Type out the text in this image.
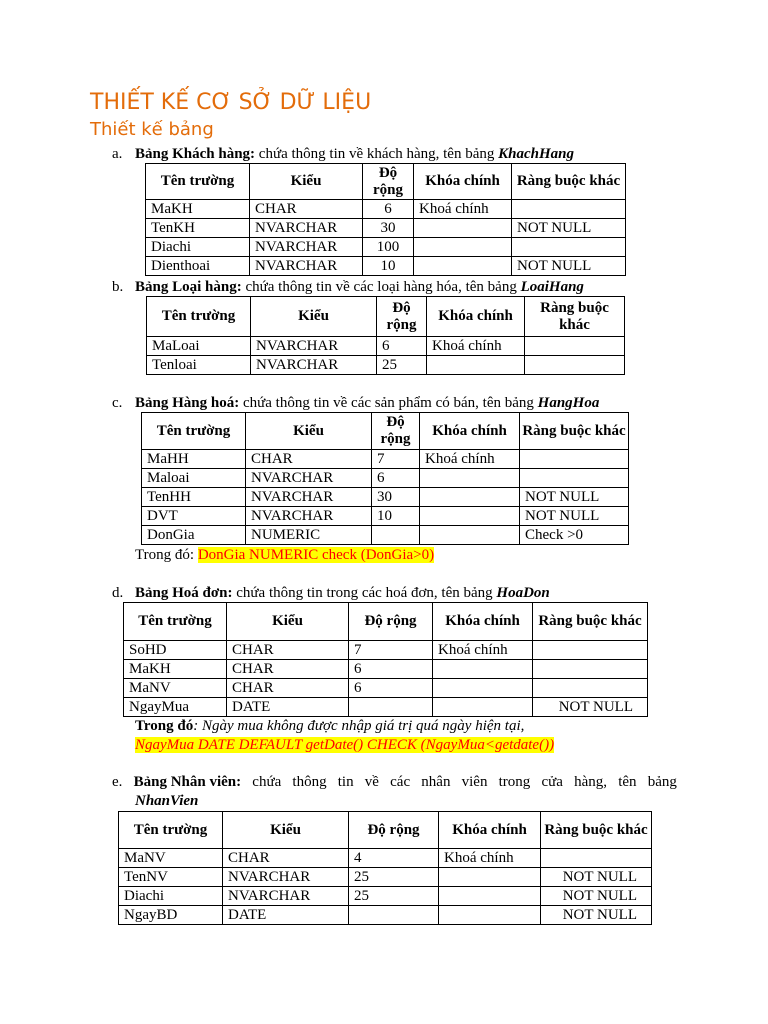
THIẾT KẾ CƠ SỞ DỮ LIỆU
Thiết kế bảng
a. Bảng Khách hàng: chứa thông tin về khách hàng, tên bảng KhachHang
Tên trường	Kiểu	Độ rộng	Khóa chính	Ràng buộc khác
MaKH	CHAR	6	Khoá chính	
TenKH	NVARCHAR	30		NOT NULL
Diachi	NVARCHAR	100		
Dienthoai	NVARCHAR	10		NOT NULL
b. Bảng Loại hàng: chứa thông tin về các loại hàng hóa, tên bảng LoaiHang
Tên trường	Kiểu	Độ rộng	Khóa chính	Ràng buộc khác
MaLoai	NVARCHAR	6	Khoá chính	
Tenloai	NVARCHAR	25		
c. Bảng Hàng hoá: chứa thông tin về các sản phẩm có bán, tên bảng HangHoa
Tên trường	Kiểu	Độ rộng	Khóa chính	Ràng buộc khác
MaHH	CHAR	7	Khoá chính	
Maloai	NVARCHAR	6		
TenHH	NVARCHAR	30		NOT NULL
DVT	NVARCHAR	10		NOT NULL
DonGia	NUMERIC			Check >0
Trong đó: DonGia NUMERIC check (DonGia>0)
d. Bảng Hoá đơn: chứa thông tin trong các hoá đơn, tên bảng HoaDon
Tên trường	Kiểu	Độ rộng	Khóa chính	Ràng buộc khác
SoHD	CHAR	7	Khoá chính	
MaKH	CHAR	6		
MaNV	CHAR	6		
NgayMua	DATE			NOT NULL
Trong đó: Ngày mua không được nhập giá trị quá ngày hiện tại,
NgayMua DATE DEFAULT getDate() CHECK (NgayMua<getdate())
e. Bảng Nhân viên: chứa thông tin về các nhân viên trong cửa hàng, tên bảng
NhanVien
Tên trường	Kiểu	Độ rộng	Khóa chính	Ràng buộc khác
MaNV	CHAR	4	Khoá chính	
TenNV	NVARCHAR	25		NOT NULL
Diachi	NVARCHAR	25		NOT NULL
NgayBD	DATE			NOT NULL
